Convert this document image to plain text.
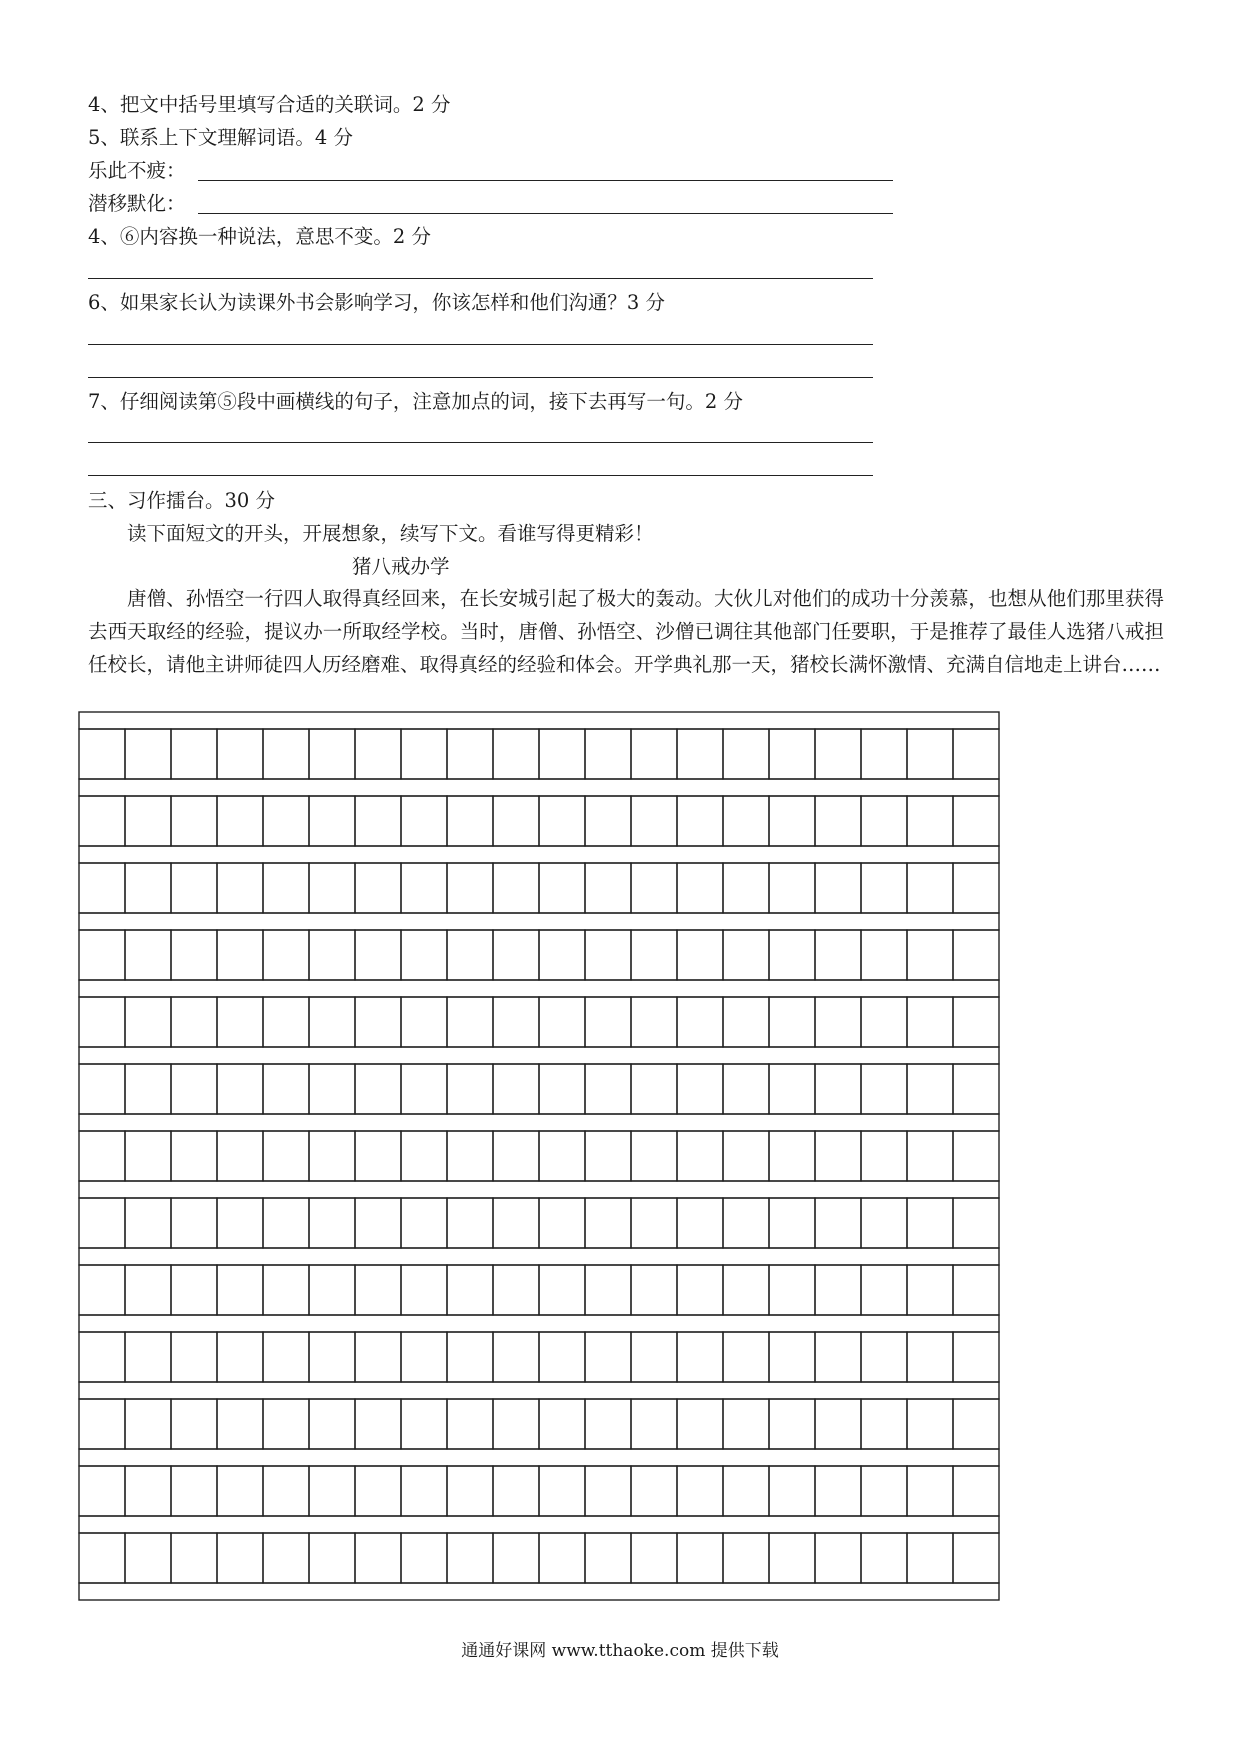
4、把文中括号里填写合适的关联词。2 分
5、联系上下文理解词语。4 分
乐此不疲：
潜移默化：
4、⑥内容换一种说法，意思不变。2 分
6、如果家长认为读课外书会影响学习，你该怎样和他们沟通？3 分
7、仔细阅读第⑤段中画横线的句子，注意加点的词，接下去再写一句。2 分
三、习作擂台。30 分
读下面短文的开头，开展想象，续写下文。看谁写得更精彩！
猪八戒办学
唐僧、孙悟空一行四人取得真经回来，在长安城引起了极大的轰动。大伙儿对他们的成功十分羡慕，也想从他们那里获得去西天取经的经验，提议办一所取经学校。当时，唐僧、孙悟空、沙僧已调往其他部门任要职，于是推荐了最佳人选猪八戒担任校长，请他主讲师徒四人历经磨难、取得真经的经验和体会。开学典礼那一天，猪校长满怀激情、充满自信地走上讲台……
通通好课网 www.tthaoke.com 提供下载
